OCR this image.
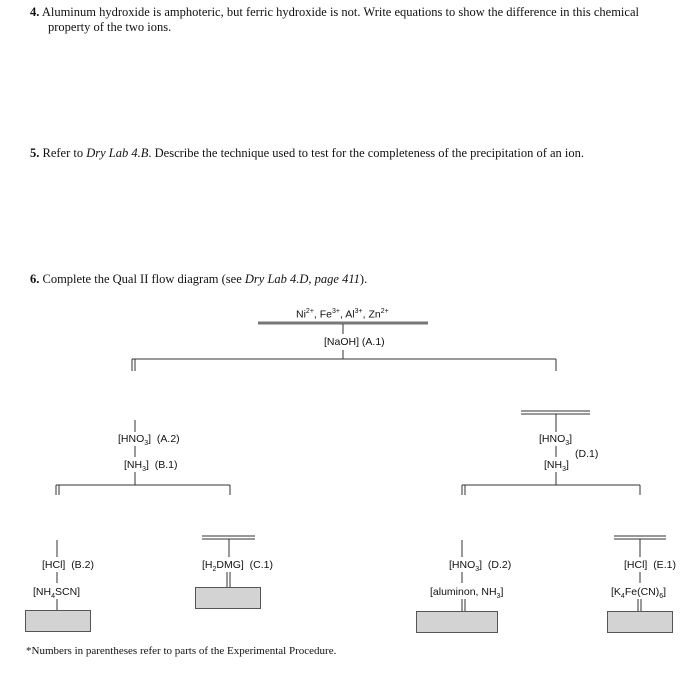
4. Aluminum hydroxide is amphoteric, but ferric hydroxide is not. Write equations to show the difference in this chemical
property of the two ions.
5. Refer to Dry Lab 4.B. Describe the technique used to test for the completeness of the precipitation of an ion.
6. Complete the Qual II flow diagram (see Dry Lab 4.D, page 411).
$Ni^{2+}$, $Fe^{3+}$, $Al^{3+}$, $Zn^{2+}$
[NaOH] (A.1)
$[HNO_3]$ (A.2)
$[NH_3]$ (B.1)
$[HNO_3]$
(D.1)
$[NH_3]$
[HCl] (B.2)
$[NH_4SCN]$
$[H_2DMG]$ (C.1)	$[HNO_3]$ (D.2)
[aluminon, $NH_3$]
[HCl] (E.1)
$[K_4Fe(CN)_6]$
*Numbers in parentheses refer to parts of the Experimental Procedure.
